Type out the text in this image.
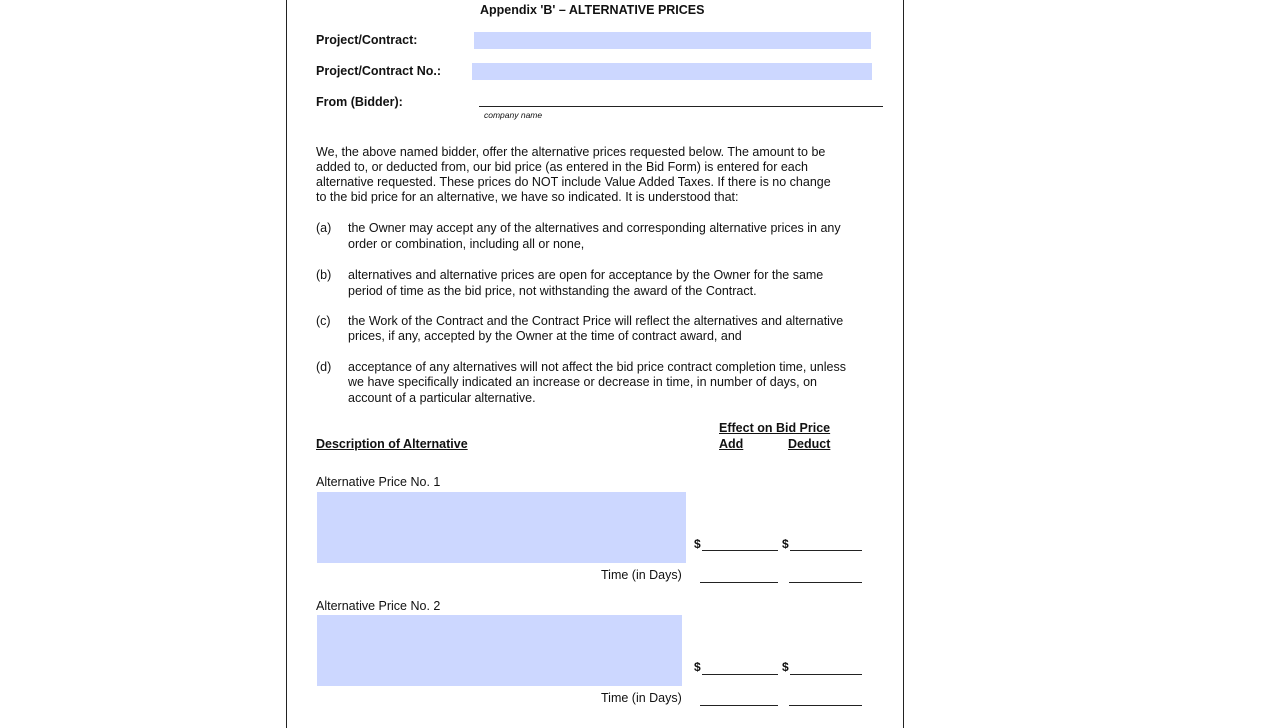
Appendix 'B' – ALTERNATIVE PRICES
Project/Contract:
Project/Contract No.:
From (Bidder):
company name
We, the above named bidder, offer the alternative prices requested below. The amount to be
added to, or deducted from, our bid price (as entered in the Bid Form) is entered for each
alternative requested. These prices do NOT include Value Added Taxes. If there is no change
to the bid price for an alternative, we have so indicated. It is understood that:
(a) the Owner may accept any of the alternatives and corresponding alternative prices in any
order or combination, including all or none,
(b) alternatives and alternative prices are open for acceptance by the Owner for the same
period of time as the bid price, not withstanding the award of the Contract.
(c) the Work of the Contract and the Contract Price will reflect the alternatives and alternative
prices, if any, accepted by the Owner at the time of contract award, and
(d) acceptance of any alternatives will not affect the bid price contract completion time, unless
we have specifically indicated an increase or decrease in time, in number of days, on
account of a particular alternative.
Description of Alternative
Effect on Bid Price
Add	Deduct
Alternative Price No. 1
$	$
Time (in Days)
Alternative Price No. 2
$	$
Time (in Days)
